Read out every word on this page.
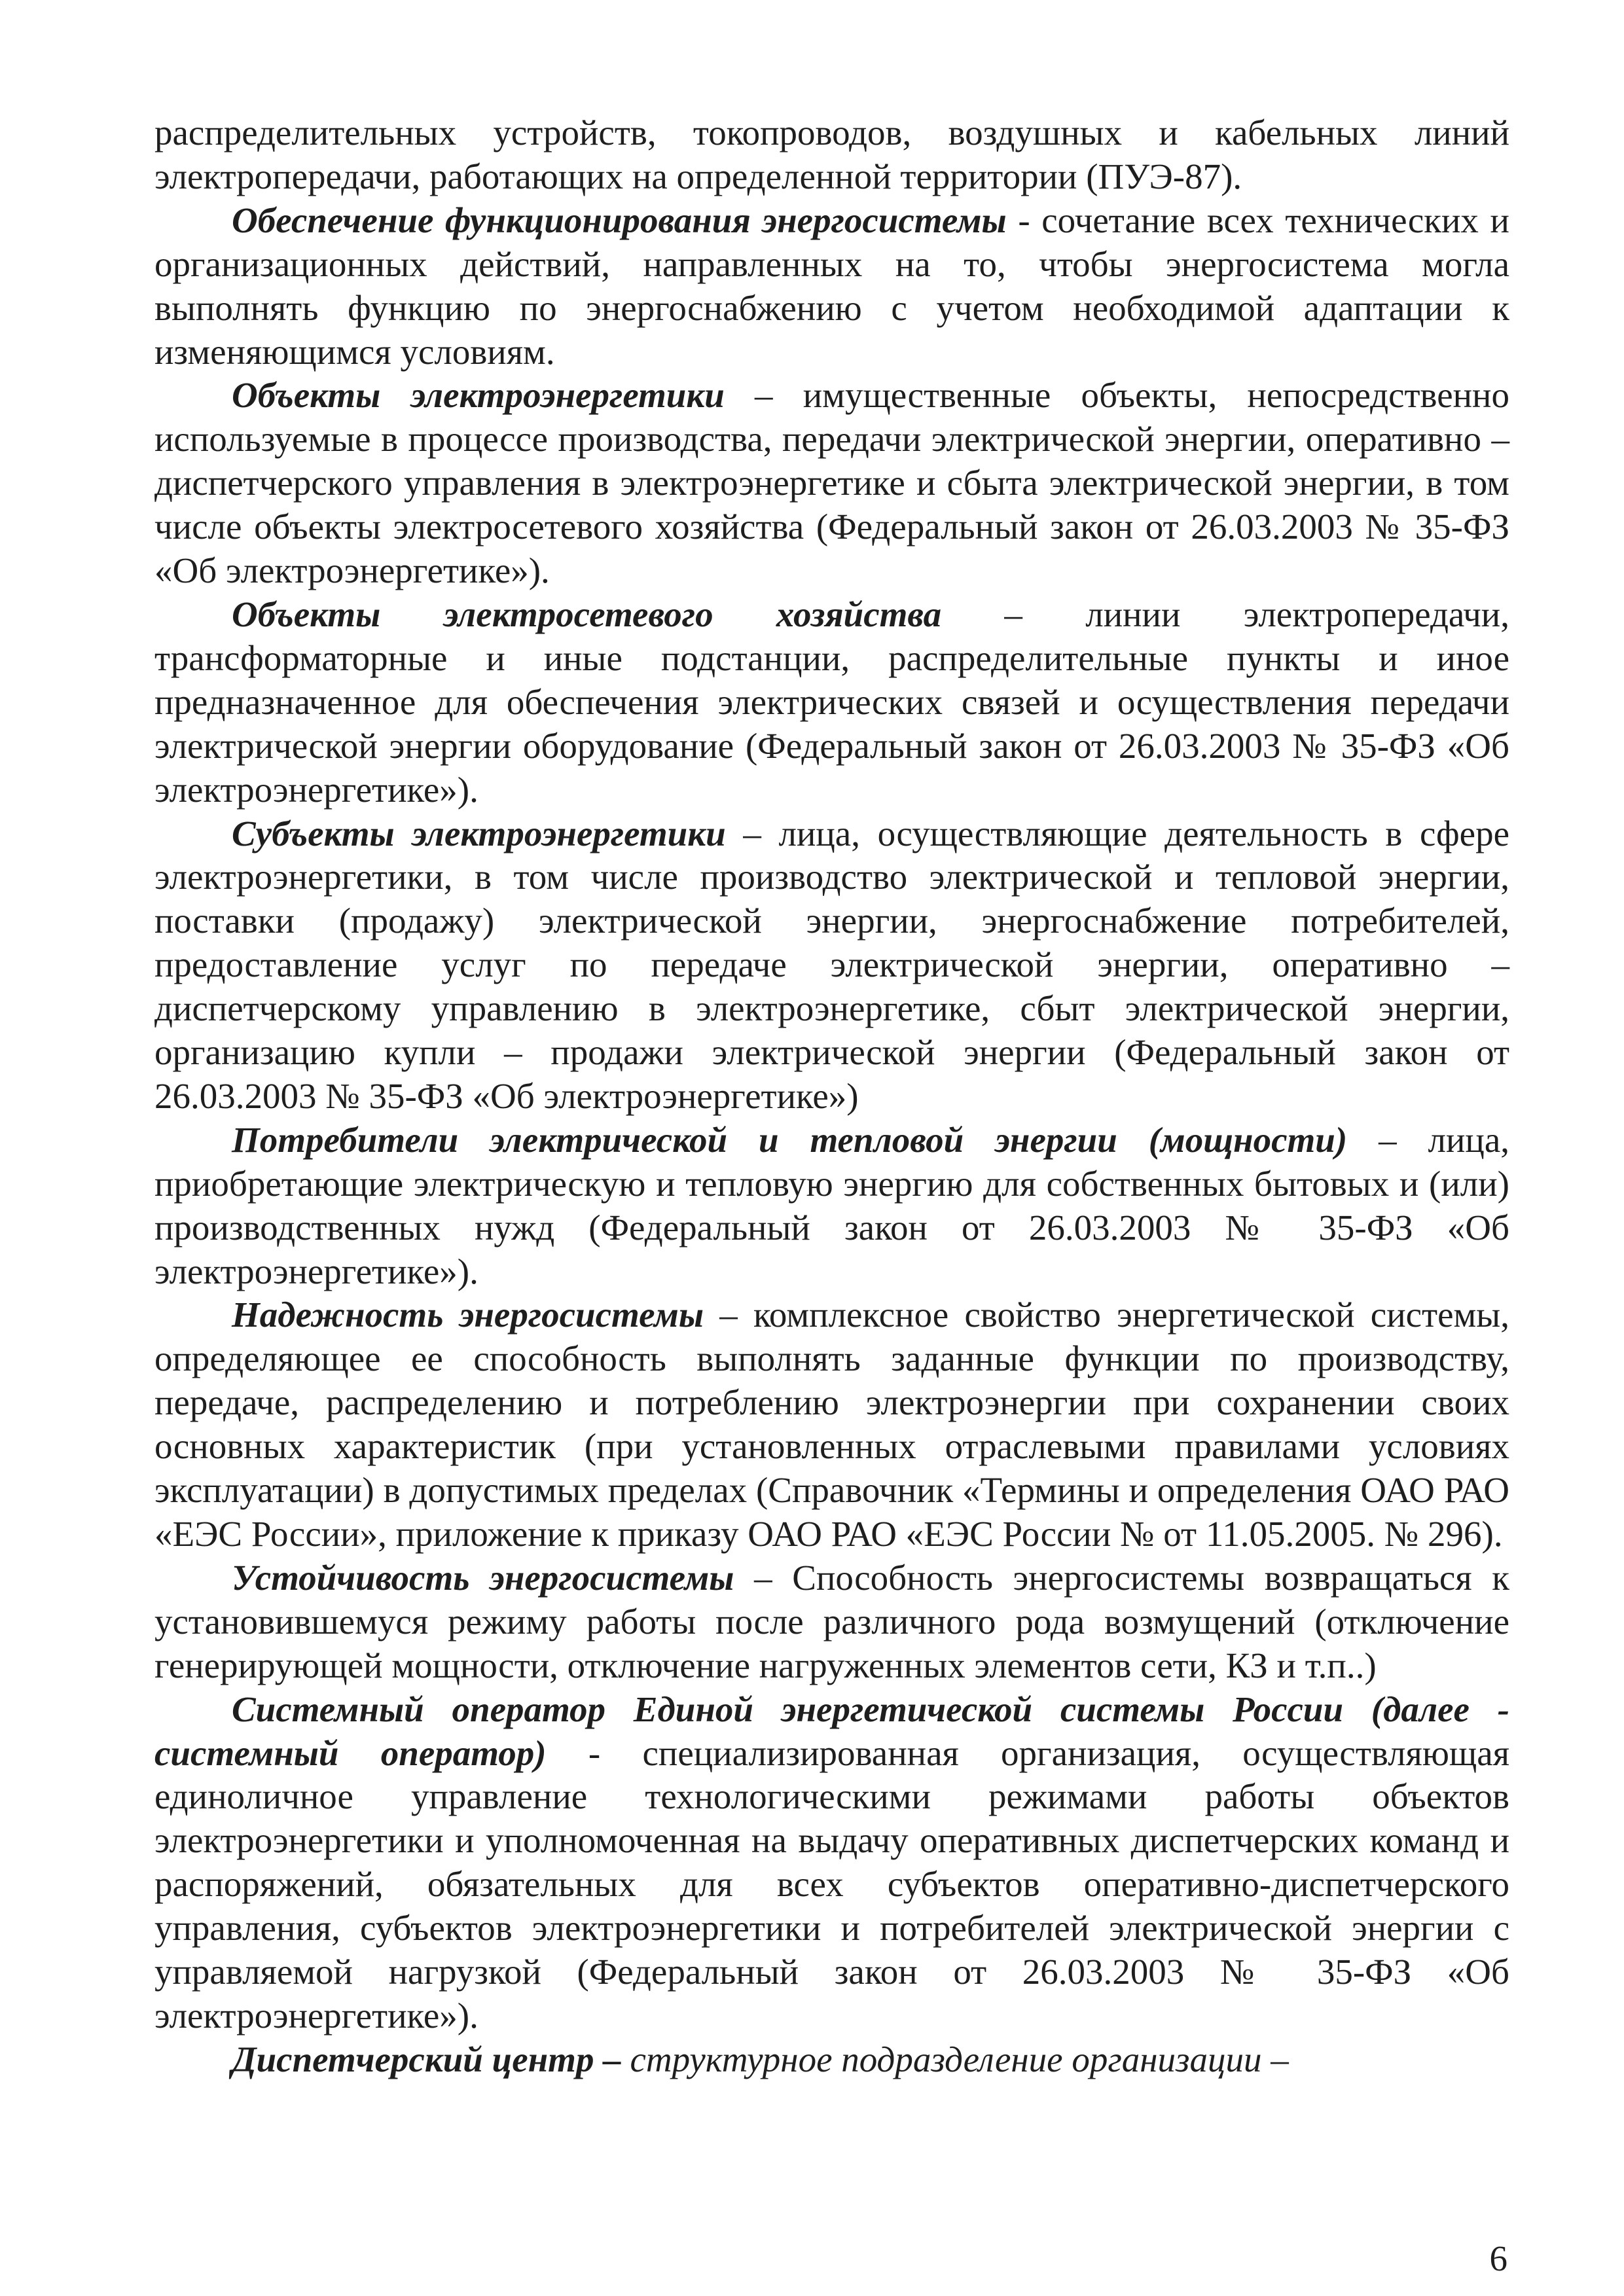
распределительных устройств, токопроводов, воздушных и кабельных линий электропередачи, работающих на определенной территории (ПУЭ-87).

Обеспечение функционирования энергосистемы - сочетание всех технических и организационных действий, направленных на то, чтобы энергосистема могла выполнять функцию по энергоснабжению с учетом необходимой адаптации к изменяющимся условиям.

Объекты электроэнергетики – имущественные объекты, непосредственно используемые в процессе производства, передачи электрической энергии, оперативно – диспетчерского управления в электроэнергетике и сбыта электрической энергии, в том числе объекты электросетевого хозяйства (Федеральный закон от 26.03.2003 № 35-ФЗ «Об электроэнергетике»).

Объекты электросетевого хозяйства – линии электропередачи, трансформаторные и иные подстанции, распределительные пункты и иное предназначенное для обеспечения электрических связей и осуществления передачи электрической энергии оборудование (Федеральный закон от 26.03.2003 № 35-ФЗ «Об электроэнергетике»).

Субъекты электроэнергетики – лица, осуществляющие деятельность в сфере электроэнергетики, в том числе производство электрической и тепловой энергии, поставки (продажу) электрической энергии, энергоснабжение потребителей, предоставление услуг по передаче электрической энергии, оперативно – диспетчерскому управлению в электроэнергетике, сбыт электрической энергии, организацию купли – продажи электрической энергии (Федеральный закон от 26.03.2003 № 35-ФЗ «Об электроэнергетике»)

Потребители электрической и тепловой энергии (мощности) – лица, приобретающие электрическую и тепловую энергию для собственных бытовых и (или) производственных нужд (Федеральный закон от 26.03.2003 № 35-ФЗ «Об электроэнергетике»).

Надежность энергосистемы – комплексное свойство энергетической системы, определяющее ее способность выполнять заданные функции по производству, передаче, распределению и потреблению электроэнергии при сохранении своих основных характеристик (при установленных отраслевыми правилами условиях эксплуатации) в допустимых пределах (Справочник «Термины и определения ОАО РАО «ЕЭС России», приложение к приказу ОАО РАО «ЕЭС России № от 11.05.2005. № 296).

Устойчивость энергосистемы – Способность энергосистемы возвращаться к установившемуся режиму работы после различного рода возмущений (отключение генерирующей мощности, отключение нагруженных элементов сети, КЗ и т.п..)

Системный оператор Единой энергетической системы России (далее - системный оператор) - специализированная организация, осуществляющая единоличное управление технологическими режимами работы объектов электроэнергетики и уполномоченная на выдачу оперативных диспетчерских команд и распоряжений, обязательных для всех субъектов оперативно-диспетчерского управления, субъектов электроэнергетики и потребителей электрической энергии с управляемой нагрузкой (Федеральный закон от 26.03.2003 № 35-ФЗ «Об электроэнергетике»).

Диспетчерский центр – структурное подразделение организации –

6
